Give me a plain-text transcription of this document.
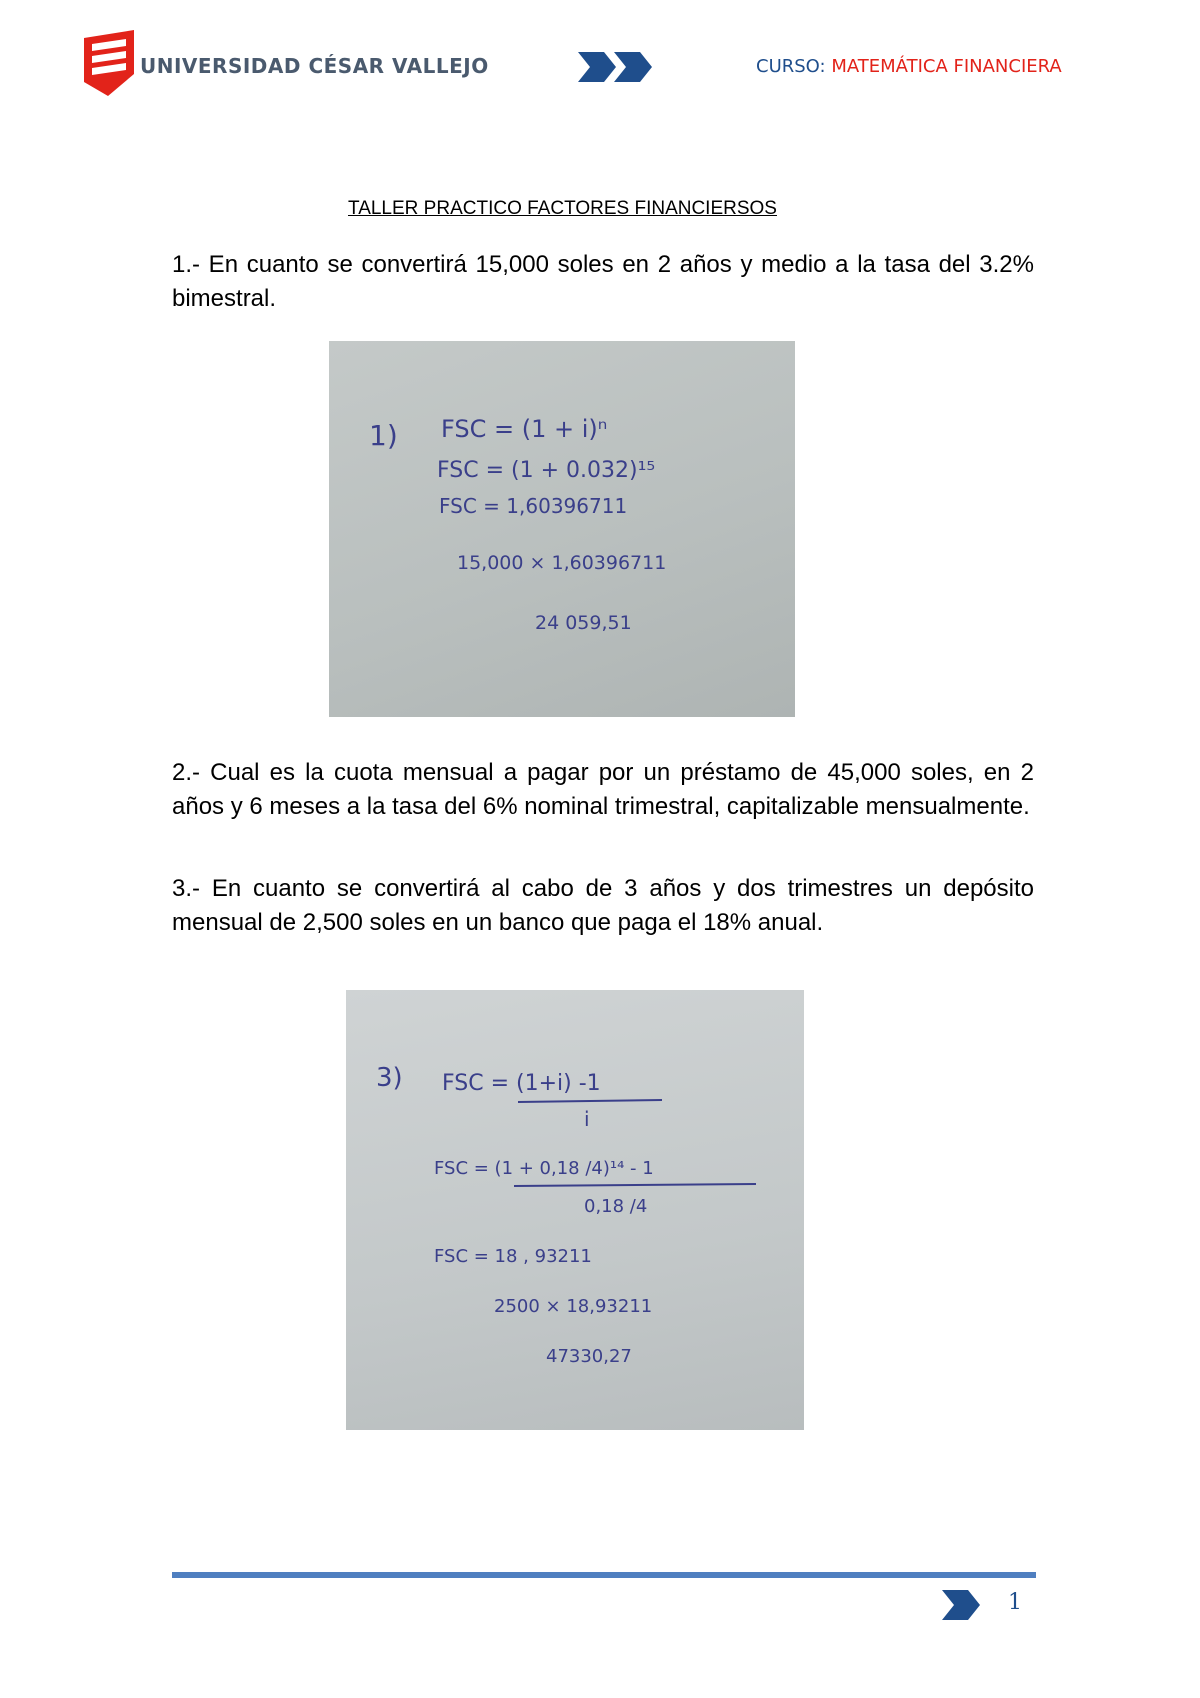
UNIVERSIDAD CÉSAR VALLEJO	CURSO: MATEMÁTICA FINANCIERA
TALLER PRACTICO FACTORES FINANCIERSOS

1.- En cuanto se convertirá 15,000 soles en 2 años y medio a la tasa del 3.2% bimestral.

1) FSC = (1 + i)ⁿ
FSC = (1 + 0.032)¹⁵
FSC = 1,60396711
15,000 × 1,60396711
24 059,51

2.- Cual es la cuota mensual a pagar por un préstamo de 45,000 soles, en 2 años y 6 meses a la tasa del 6% nominal trimestral, capitalizable mensualmente.

3.- En cuanto se convertirá al cabo de 3 años y dos trimestres un depósito mensual de 2,500 soles en un banco que paga el 18% anual.

3) FSC = (1+i) -1
i
FSC = (1 + 0,18 /4)¹⁴ - 1
0,18 /4
FSC = 18 , 93211
2500 × 18,93211
47330,27
1
